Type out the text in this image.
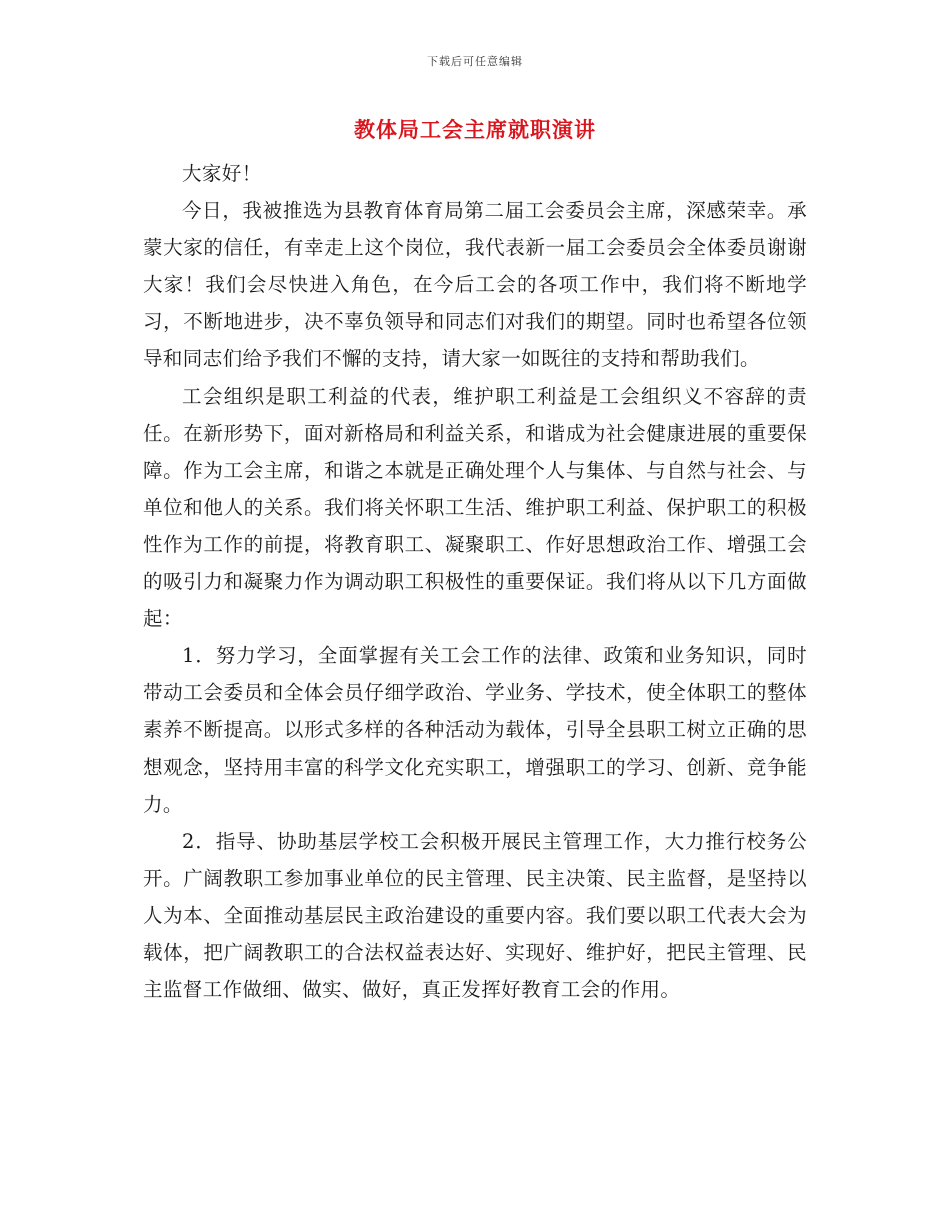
下载后可任意编辑
教体局工会主席就职演讲

大家好！

今日，我被推选为县教育体育局第二届工会委员会主席，深感荣幸。承蒙大家的信任，有幸走上这个岗位，我代表新一届工会委员会全体委员谢谢大家！我们会尽快进入角色，在今后工会的各项工作中，我们将不断地学习，不断地进步，决不辜负领导和同志们对我们的期望。同时也希望各位领导和同志们给予我们不懈的支持，请大家一如既往的支持和帮助我们。

工会组织是职工利益的代表，维护职工利益是工会组织义不容辞的责任。在新形势下，面对新格局和利益关系，和谐成为社会健康进展的重要保障。作为工会主席，和谐之本就是正确处理个人与集体、与自然与社会、与单位和他人的关系。我们将关怀职工生活、维护职工利益、保护职工的积极性作为工作的前提，将教育职工、凝聚职工、作好思想政治工作、增强工会的吸引力和凝聚力作为调动职工积极性的重要保证。我们将从以下几方面做起：

1．努力学习，全面掌握有关工会工作的法律、政策和业务知识，同时带动工会委员和全体会员仔细学政治、学业务、学技术，使全体职工的整体素养不断提高。以形式多样的各种活动为载体，引导全县职工树立正确的思想观念，坚持用丰富的科学文化充实职工，增强职工的学习、创新、竞争能力。

2．指导、协助基层学校工会积极开展民主管理工作，大力推行校务公开。广阔教职工参加事业单位的民主管理、民主决策、民主监督，是坚持以人为本、全面推动基层民主政治建设的重要内容。我们要以职工代表大会为载体，把广阔教职工的合法权益表达好、实现好、维护好，把民主管理、民主监督工作做细、做实、做好，真正发挥好教育工会的作用。
